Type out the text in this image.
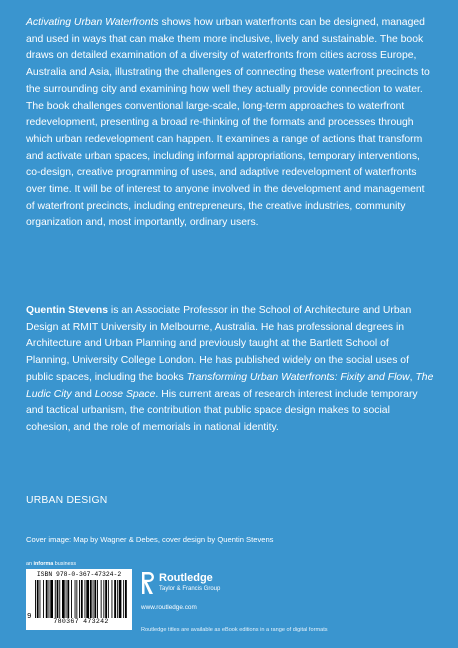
Activating Urban Waterfronts shows how urban waterfronts can be designed, managed and used in ways that can make them more inclusive, lively and sustainable. The book draws on detailed examination of a diversity of waterfronts from cities across Europe, Australia and Asia, illustrating the challenges of connecting these waterfront precincts to the surrounding city and examining how well they actually provide connection to water. The book challenges conventional large-scale, long-term approaches to waterfront redevelopment, presenting a broad re-thinking of the formats and processes through which urban redevelopment can happen. It examines a range of actions that transform and activate urban spaces, including informal appropriations, temporary interventions, co-design, creative programming of uses, and adaptive redevelopment of waterfronts over time. It will be of interest to anyone involved in the development and management of waterfront precincts, including entrepreneurs, the creative industries, community organization and, most importantly, ordinary users.

Quentin Stevens is an Associate Professor in the School of Architecture and Urban Design at RMIT University in Melbourne, Australia. He has professional degrees in Architecture and Urban Planning and previously taught at the Bartlett School of Planning, University College London. He has published widely on the social uses of public spaces, including the books Transforming Urban Waterfronts: Fixity and Flow, The Ludic City and Loose Space. His current areas of research interest include temporary and tactical urbanism, the contribution that public space design makes to social cohesion, and the role of memorials in national identity.

URBAN DESIGN
Cover image: Map by Wagner & Debes, cover design by Quentin Stevens
an informa business
ISBN 978-0-367-47324-2
9
780367 473242
Routledge
Taylor & Francis Group
www.routledge.com
Routledge titles are available as eBook editions in a range of digital formats
